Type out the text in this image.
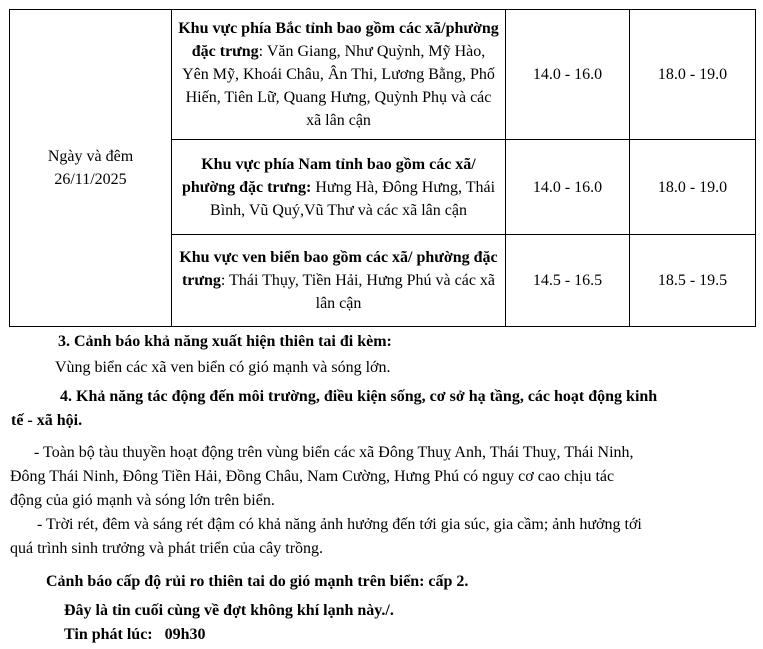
Ngày và đêm
26/11/2025	Khu vực phía Bắc tỉnh bao gồm các xã/phường đặc trưng: Văn Giang, Như Quỳnh, Mỹ Hào, Yên Mỹ, Khoái Châu, Ân Thi, Lương Bằng, Phố Hiến, Tiên Lữ, Quang Hưng, Quỳnh Phụ và các xã lân cận	14.0 - 16.0	18.0 - 19.0
	Khu vực phía Nam tỉnh bao gồm các xã/ phường đặc trưng: Hưng Hà, Đông Hưng, Thái Bình, Vũ Quý,Vũ Thư và các xã lân cận	14.0 - 16.0	18.0 - 19.0
	Khu vực ven biển bao gồm các xã/ phường đặc trưng: Thái Thụy, Tiền Hải, Hưng Phú và các xã lân cận	14.5 - 16.5	18.5 - 19.5
3. Cảnh báo khả năng xuất hiện thiên tai đi kèm:
Vùng biển các xã ven biển có gió mạnh và sóng lớn.
4. Khả năng tác động đến môi trường, điều kiện sống, cơ sở hạ tầng, các hoạt động kinh
tế - xã hội.
- Toàn bộ tàu thuyền hoạt động trên vùng biển các xã Đông Thuỵ Anh, Thái Thuỵ, Thái Ninh,
Đông Thái Ninh, Đông Tiền Hải, Đồng Châu, Nam Cường, Hưng Phú có nguy cơ cao chịu tác
động của gió mạnh và sóng lớn trên biển.
- Trời rét, đêm và sáng rét đậm có khả năng ảnh hưởng đến tới gia súc, gia cầm; ảnh hưởng tới
quá trình sinh trưởng và phát triển của cây trồng.
Cảnh báo cấp độ rủi ro thiên tai do gió mạnh trên biển: cấp 2.
Đây là tin cuối cùng về đợt không khí lạnh này./.
Tin phát lúc: 09h30
